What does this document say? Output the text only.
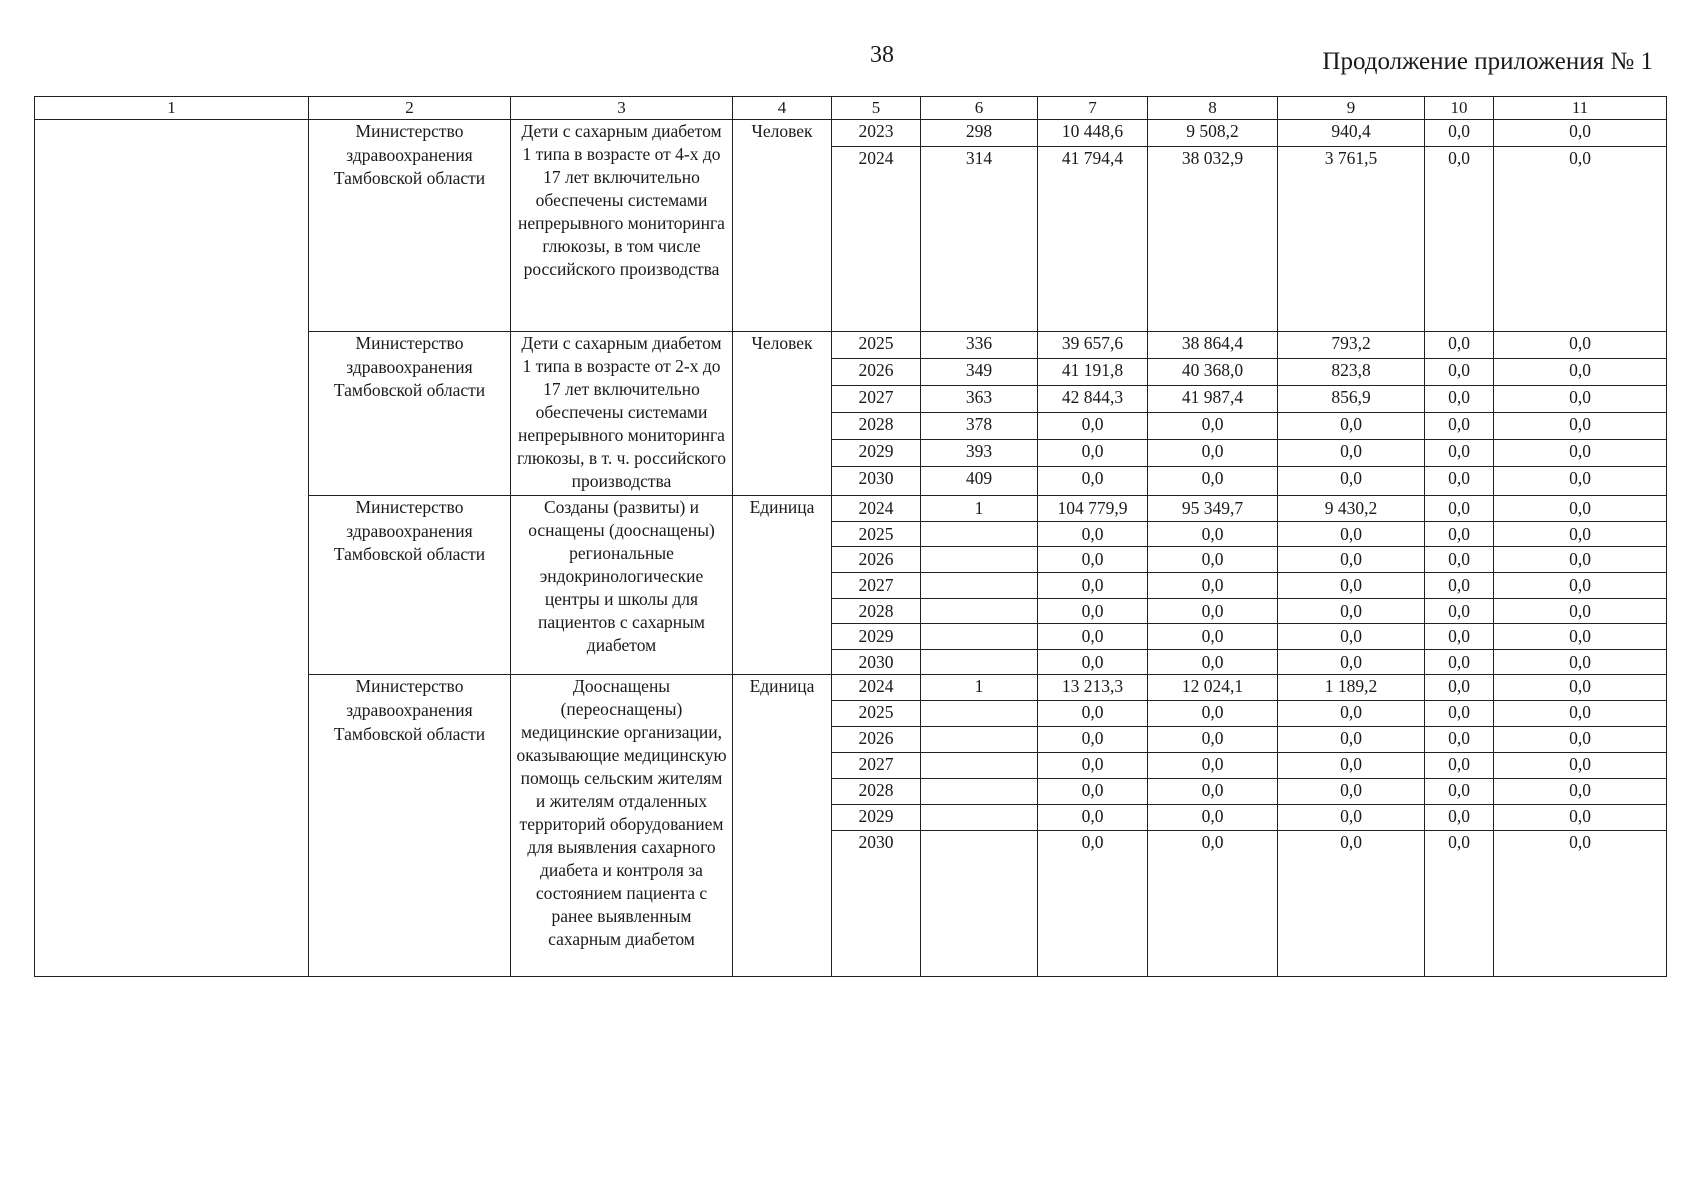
38	Продолжение приложения № 1
1	2	3	4	5	6	7	8	9	10	11
	Министерство здравоохранения Тамбовской области	Дети с сахарным диабетом 1 типа в возрасте от 4-х до 17 лет включительно обеспечены системами непрерывного мониторинга глюкозы, в том числе российского производства	Человек	2023	298	10 448,6	9 508,2	940,4	0,0	0,0
				2024	314	41 794,4	38 032,9	3 761,5	0,0	0,0
	Министерство здравоохранения Тамбовской области	Дети с сахарным диабетом 1 типа в возрасте от 2-х до 17 лет включительно обеспечены системами непрерывного мониторинга глюкозы, в т. ч. российского производства	Человек	2025	336	39 657,6	38 864,4	793,2	0,0	0,0
				2026	349	41 191,8	40 368,0	823,8	0,0	0,0
				2027	363	42 844,3	41 987,4	856,9	0,0	0,0
				2028	378	0,0	0,0	0,0	0,0	0,0
				2029	393	0,0	0,0	0,0	0,0	0,0
				2030	409	0,0	0,0	0,0	0,0	0,0
	Министерство здравоохранения Тамбовской области	Созданы (развиты) и оснащены (дооснащены) региональные эндокринологические центры и школы для пациентов с сахарным диабетом	Единица	2024	1	104 779,9	95 349,7	9 430,2	0,0	0,0
				2025		0,0	0,0	0,0	0,0	0,0
				2026		0,0	0,0	0,0	0,0	0,0
				2027		0,0	0,0	0,0	0,0	0,0
				2028		0,0	0,0	0,0	0,0	0,0
				2029		0,0	0,0	0,0	0,0	0,0
				2030		0,0	0,0	0,0	0,0	0,0
	Министерство здравоохранения Тамбовской области	Дооснащены (переоснащены) медицинские организации, оказывающие медицинскую помощь сельским жителям и жителям отдаленных территорий оборудованием для выявления сахарного диабета и контроля за состоянием пациента с ранее выявленным сахарным диабетом	Единица	2024	1	13 213,3	12 024,1	1 189,2	0,0	0,0
				2025		0,0	0,0	0,0	0,0	0,0
				2026		0,0	0,0	0,0	0,0	0,0
				2027		0,0	0,0	0,0	0,0	0,0
				2028		0,0	0,0	0,0	0,0	0,0
				2029		0,0	0,0	0,0	0,0	0,0
				2030		0,0	0,0	0,0	0,0	0,0
